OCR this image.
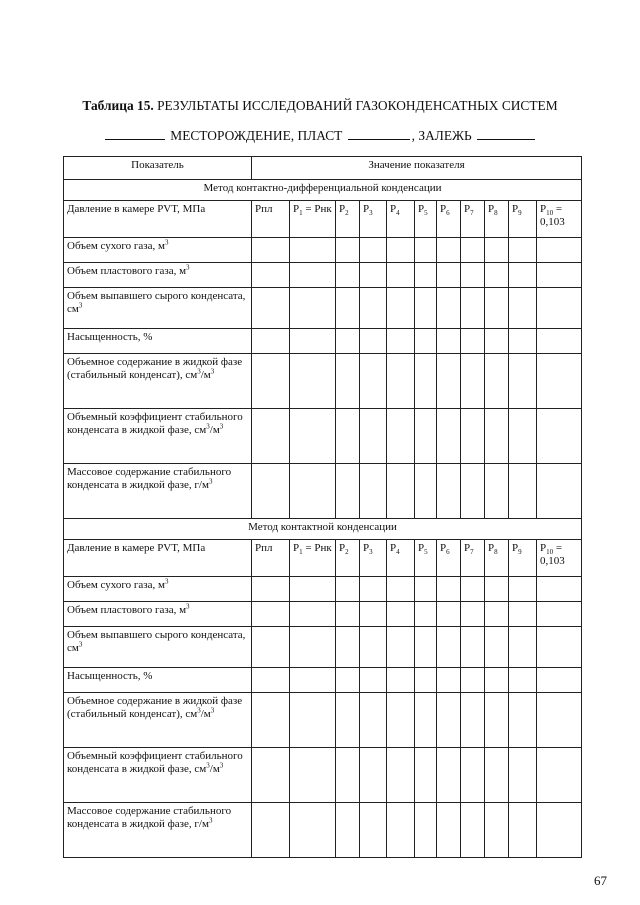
Таблица 15. РЕЗУЛЬТАТЫ ИССЛЕДОВАНИЙ ГАЗОКОНДЕНСАТНЫХ СИСТЕМ
МЕСТОРОЖДЕНИЕ, ПЛАСТ	, ЗАЛЕЖЬ
Показатель	Значение показателя										
Метод контактно-дифференциальной конденсации											
Давление в камере PVT, МПа	Рпл	$P_1$ = Рнк	$P_2$	$P_3$	$P_4$	$P_5$	$P_6$	$P_7$	$P_8$	$P_9$	$P_{10} = 0,103$
Объем сухого газа, $м^3$											
Объем пластового газа, $м^3$											
Объем выпавшего сырого конденсата, $см^3$											
Насыщенность, %											
Объемное содержание в жидкой фазе (стабильный конденсат), $см^3/м^3$											
Объемный коэффициент стабильного конденсата в жидкой фазе, $см^3/м^3$											
Массовое содержание стабильного конденсата в жидкой фазе, $г/м^3$											
Метод контактной конденсации											
Давление в камере PVT, МПа	Рпл	$P_1$ = Рнк	$P_2$	$P_3$	$P_4$	$P_5$	$P_6$	$P_7$	$P_8$	$P_9$	$P_{10} = 0,103$
Объем сухого газа, $м^3$											
Объем пластового газа, $м^3$											
Объем выпавшего сырого конденсата, $см^3$											
Насыщенность, %											
Объемное содержание в жидкой фазе (стабильный конденсат), $см^3/м^3$											
Объемный коэффициент стабильного конденсата в жидкой фазе, $см^3/м^3$											
Массовое содержание стабильного конденсата в жидкой фазе, $г/м^3$											
67
